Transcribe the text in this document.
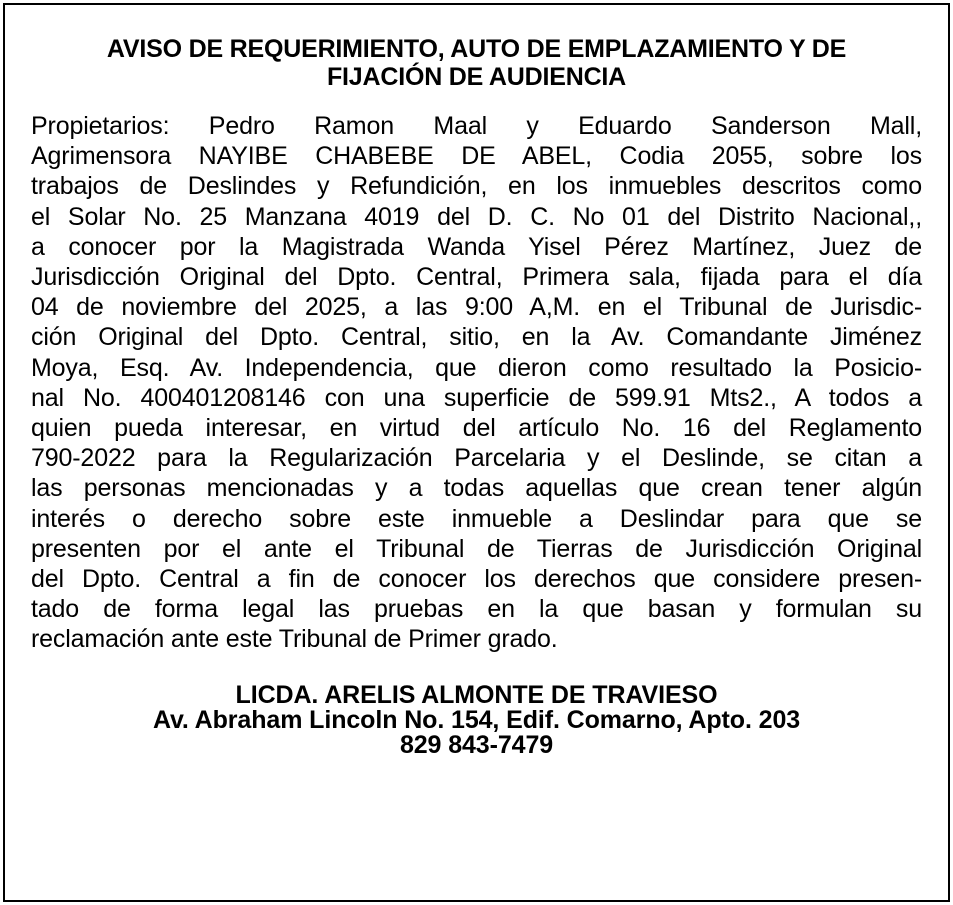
AVISO DE REQUERIMIENTO, AUTO DE EMPLAZAMIENTO Y DE
FIJACIÓN DE AUDIENCIA
Propietarios: Pedro Ramon Maal y Eduardo Sanderson Mall,
Agrimensora NAYIBE CHABEBE DE ABEL, Codia 2055, sobre los
trabajos de Deslindes y Refundición, en los inmuebles descritos como
el Solar No. 25 Manzana 4019 del D. C. No 01 del Distrito Nacional,,
a conocer por la Magistrada Wanda Yisel Pérez Martínez, Juez de
Jurisdicción Original del Dpto. Central, Primera sala, fijada para el día
04 de noviembre del 2025, a las 9:00 A,M. en el Tribunal de Jurisdic-
ción Original del Dpto. Central, sitio, en la Av. Comandante Jiménez
Moya, Esq. Av. Independencia, que dieron como resultado la Posicio-
nal No. 400401208146 con una superficie de 599.91 Mts2., A todos a
quien pueda interesar, en virtud del artículo No. 16 del Reglamento
790-2022 para la Regularización Parcelaria y el Deslinde, se citan a
las personas mencionadas y a todas aquellas que crean tener algún
interés o derecho sobre este inmueble a Deslindar para que se
presenten por el ante el Tribunal de Tierras de Jurisdicción Original
del Dpto. Central a fin de conocer los derechos que considere presen-
tado de forma legal las pruebas en la que basan y formulan su
reclamación ante este Tribunal de Primer grado.
LICDA. ARELIS ALMONTE DE TRAVIESO
Av. Abraham Lincoln No. 154, Edif. Comarno, Apto. 203
829 843-7479
